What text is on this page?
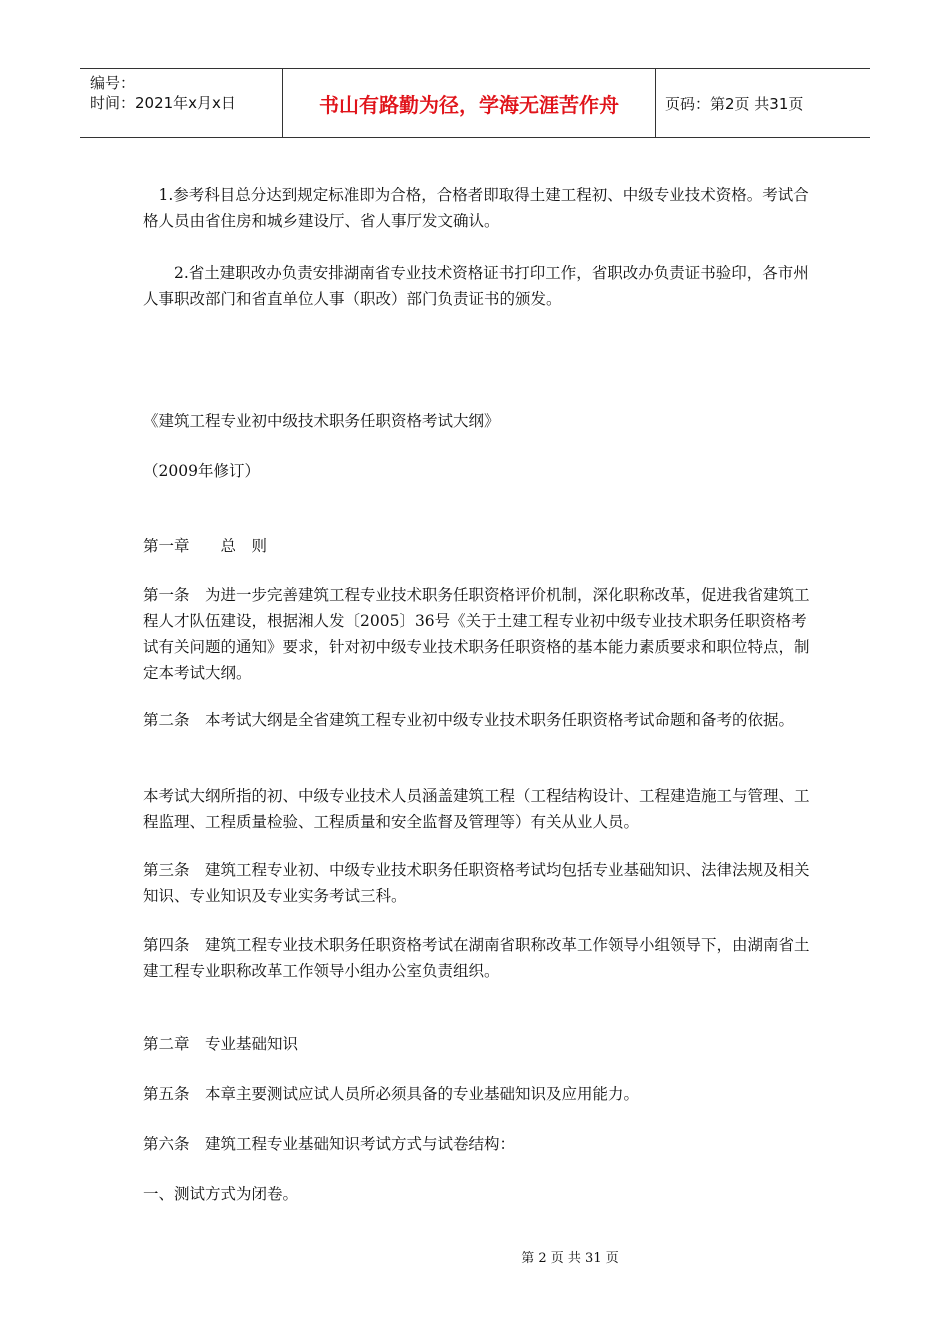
编号：
时间：2021年x月x日	书山有路勤为径，学海无涯苦作舟	页码：第2页 共31页

　1.参考科目总分达到规定标准即为合格，合格者即取得土建工程初、中级专业技术资格。考试合格人员由省住房和城乡建设厅、省人事厅发文确认。

　　2.省土建职改办负责安排湖南省专业技术资格证书打印工作，省职改办负责证书验印，各市州人事职改部门和省直单位人事（职改）部门负责证书的颁发。

《建筑工程专业初中级技术职务任职资格考试大纲》

（2009年修订）

第一章　　总　则

第一条　为进一步完善建筑工程专业技术职务任职资格评价机制，深化职称改革，促进我省建筑工程人才队伍建设，根据湘人发〔2005〕36号《关于土建工程专业初中级专业技术职务任职资格考试有关问题的通知》要求，针对初中级专业技术职务任职资格的基本能力素质要求和职位特点，制定本考试大纲。

第二条　本考试大纲是全省建筑工程专业初中级专业技术职务任职资格考试命题和备考的依据。

本考试大纲所指的初、中级专业技术人员涵盖建筑工程（工程结构设计、工程建造施工与管理、工程监理、工程质量检验、工程质量和安全监督及管理等）有关从业人员。

第三条　建筑工程专业初、中级专业技术职务任职资格考试均包括专业基础知识、法律法规及相关知识、专业知识及专业实务考试三科。

第四条　建筑工程专业技术职务任职资格考试在湖南省职称改革工作领导小组领导下，由湖南省土建工程专业职称改革工作领导小组办公室负责组织。

第二章　专业基础知识

第五条　本章主要测试应试人员所必须具备的专业基础知识及应用能力。

第六条　建筑工程专业基础知识考试方式与试卷结构：

一、测试方式为闭卷。

第 2 页 共 31 页
